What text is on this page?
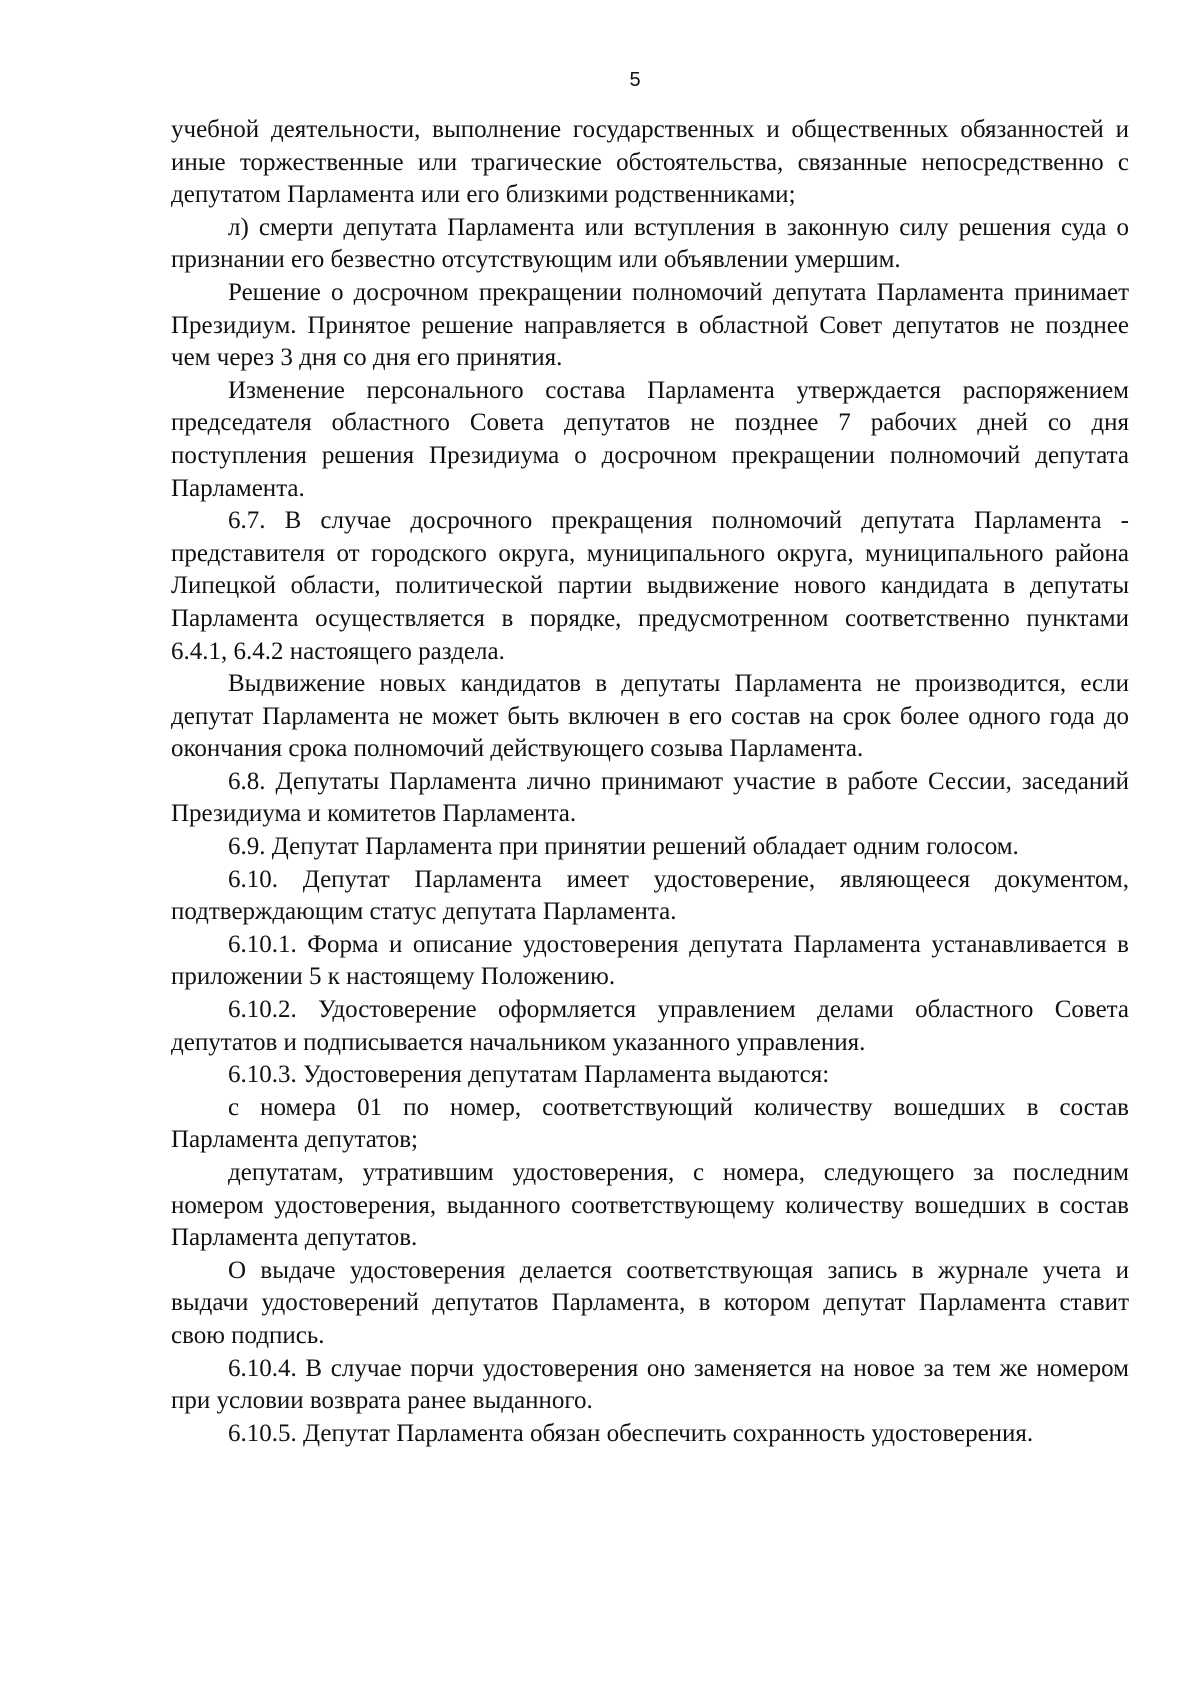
5

учебной деятельности, выполнение государственных и общественных обязанностей и иные торжественные или трагические обстоятельства, связанные непосредственно с депутатом Парламента или его близкими родственниками;

л) смерти депутата Парламента или вступления в законную силу решения суда о признании его безвестно отсутствующим или объявлении умершим.

Решение о досрочном прекращении полномочий депутата Парламента принимает Президиум. Принятое решение направляется в областной Совет депутатов не позднее чем через 3 дня со дня его принятия.

Изменение персонального состава Парламента утверждается распоряжением председателя областного Совета депутатов не позднее 7 рабочих дней со дня поступления решения Президиума о досрочном прекращении полномочий депутата Парламента.

6.7. В случае досрочного прекращения полномочий депутата Парламента - представителя от городского округа, муниципального округа, муниципального района Липецкой области, политической партии выдвижение нового кандидата в депутаты Парламента осуществляется в порядке, предусмотренном соответственно пунктами 6.4.1, 6.4.2 настоящего раздела.

Выдвижение новых кандидатов в депутаты Парламента не производится, если депутат Парламента не может быть включен в его состав на срок более одного года до окончания срока полномочий действующего созыва Парламента.

6.8. Депутаты Парламента лично принимают участие в работе Сессии, заседаний Президиума и комитетов Парламента.

6.9. Депутат Парламента при принятии решений обладает одним голосом.

6.10. Депутат Парламента имеет удостоверение, являющееся документом, подтверждающим статус депутата Парламента.

6.10.1. Форма и описание удостоверения депутата Парламента устанавливается в приложении 5 к настоящему Положению.

6.10.2. Удостоверение оформляется управлением делами областного Совета депутатов и подписывается начальником указанного управления.

6.10.3. Удостоверения депутатам Парламента выдаются:

с номера 01 по номер, соответствующий количеству вошедших в состав Парламента депутатов;

депутатам, утратившим удостоверения, с номера, следующего за последним номером удостоверения, выданного соответствующему количеству вошедших в состав Парламента депутатов.

О выдаче удостоверения делается соответствующая запись в журнале учета и выдачи удостоверений депутатов Парламента, в котором депутат Парламента ставит свою подпись.

6.10.4. В случае порчи удостоверения оно заменяется на новое за тем же номером при условии возврата ранее выданного.

6.10.5. Депутат Парламента обязан обеспечить сохранность удостоверения.
